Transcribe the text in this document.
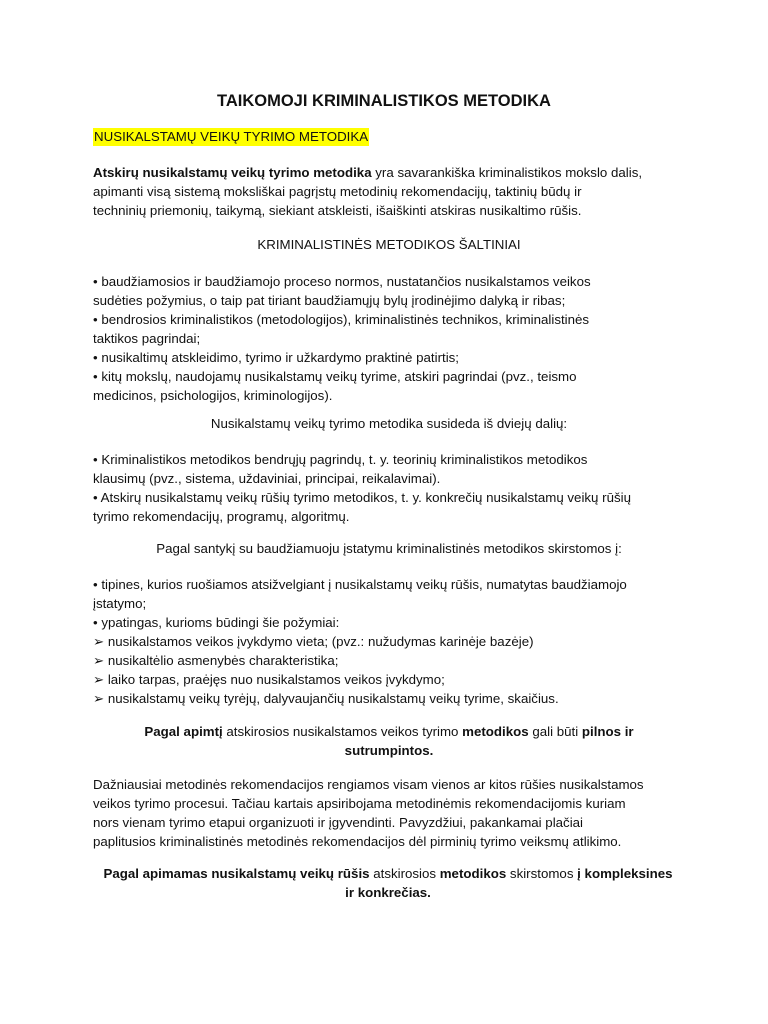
TAIKOMOJI KRIMINALISTIKOS METODIKA

NUSIKALSTAMŲ VEIKŲ TYRIMO METODIKA

Atskirų nusikalstamų veikų tyrimo metodika yra savarankiška kriminalistikos mokslo dalis,
apimanti visą sistemą moksliškai pagrįstų metodinių rekomendacijų, taktinių būdų ir
techninių priemonių, taikymą, siekiant atskleisti, išaiškinti atskiras nusikaltimo rūšis.

KRIMINALISTINĖS METODIKOS ŠALTINIAI

• baudžiamosios ir baudžiamojo proceso normos, nustatančios nusikalstamos veikos
sudėties požymius, o taip pat tiriant baudžiamųjų bylų įrodinėjimo dalyką ir ribas;
• bendrosios kriminalistikos (metodologijos), kriminalistinės technikos, kriminalistinės
taktikos pagrindai;
• nusikaltimų atskleidimo, tyrimo ir užkardymo praktinė patirtis;
• kitų mokslų, naudojamų nusikalstamų veikų tyrime, atskiri pagrindai (pvz., teismo
medicinos, psichologijos, kriminologijos).

Nusikalstamų veikų tyrimo metodika susideda iš dviejų dalių:

• Kriminalistikos metodikos bendrųjų pagrindų, t. y. teorinių kriminalistikos metodikos
klausimų (pvz., sistema, uždaviniai, principai, reikalavimai).
• Atskirų nusikalstamų veikų rūšių tyrimo metodikos, t. y. konkrečių nusikalstamų veikų rūšių
tyrimo rekomendacijų, programų, algoritmų.

Pagal santykį su baudžiamuoju įstatymu kriminalistinės metodikos skirstomos į:

• tipines, kurios ruošiamos atsižvelgiant į nusikalstamų veikų rūšis, numatytas baudžiamojo
įstatymo;
• ypatingas, kurioms būdingi šie požymiai:
➢ nusikalstamos veikos įvykdymo vieta; (pvz.: nužudymas karinėje bazėje)
➢ nusikaltėlio asmenybės charakteristika;
➢ laiko tarpas, praėjęs nuo nusikalstamos veikos įvykdymo;
➢ nusikalstamų veikų tyrėjų, dalyvaujančių nusikalstamų veikų tyrime, skaičius.

Pagal apimtį atskirosios nusikalstamos veikos tyrimo metodikos gali būti pilnos ir
sutrumpintos.

Dažniausiai metodinės rekomendacijos rengiamos visam vienos ar kitos rūšies nusikalstamos
veikos tyrimo procesui. Tačiau kartais apsiribojama metodinėmis rekomendacijomis kuriam
nors vienam tyrimo etapui organizuoti ir įgyvendinti. Pavyzdžiui, pakankamai plačiai
paplitusios kriminalistinės metodinės rekomendacijos dėl pirminių tyrimo veiksmų atlikimo.

Pagal apimamas nusikalstamų veikų rūšis atskirosios metodikos skirstomos į kompleksines
ir konkrečias.
